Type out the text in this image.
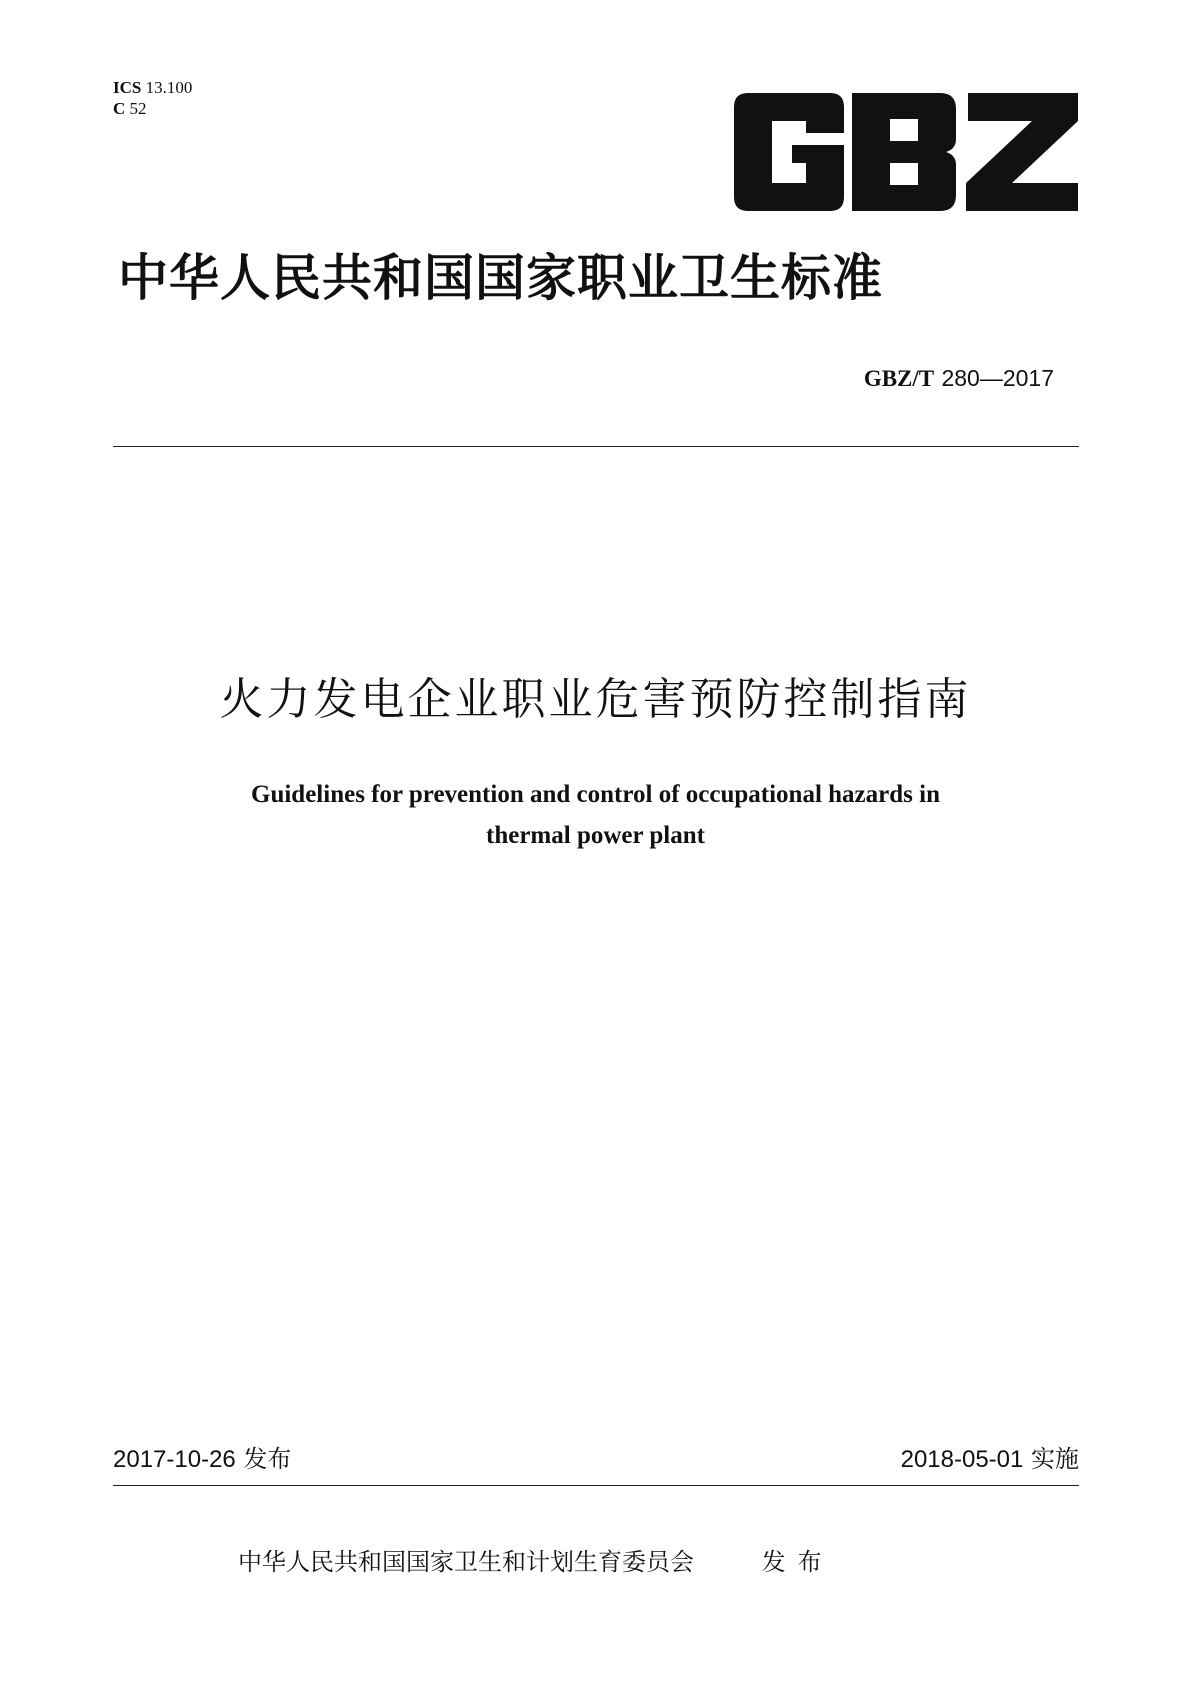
ICS 13.100
C 52
中华人民共和国国家职业卫生标准
GBZ/T 280—2017
火力发电企业职业危害预防控制指南
Guidelines for prevention and control of occupational hazards in
thermal power plant
2017-10-26 发布	2018-05-01 实施
中华人民共和国国家卫生和计划生育委员会	发布
